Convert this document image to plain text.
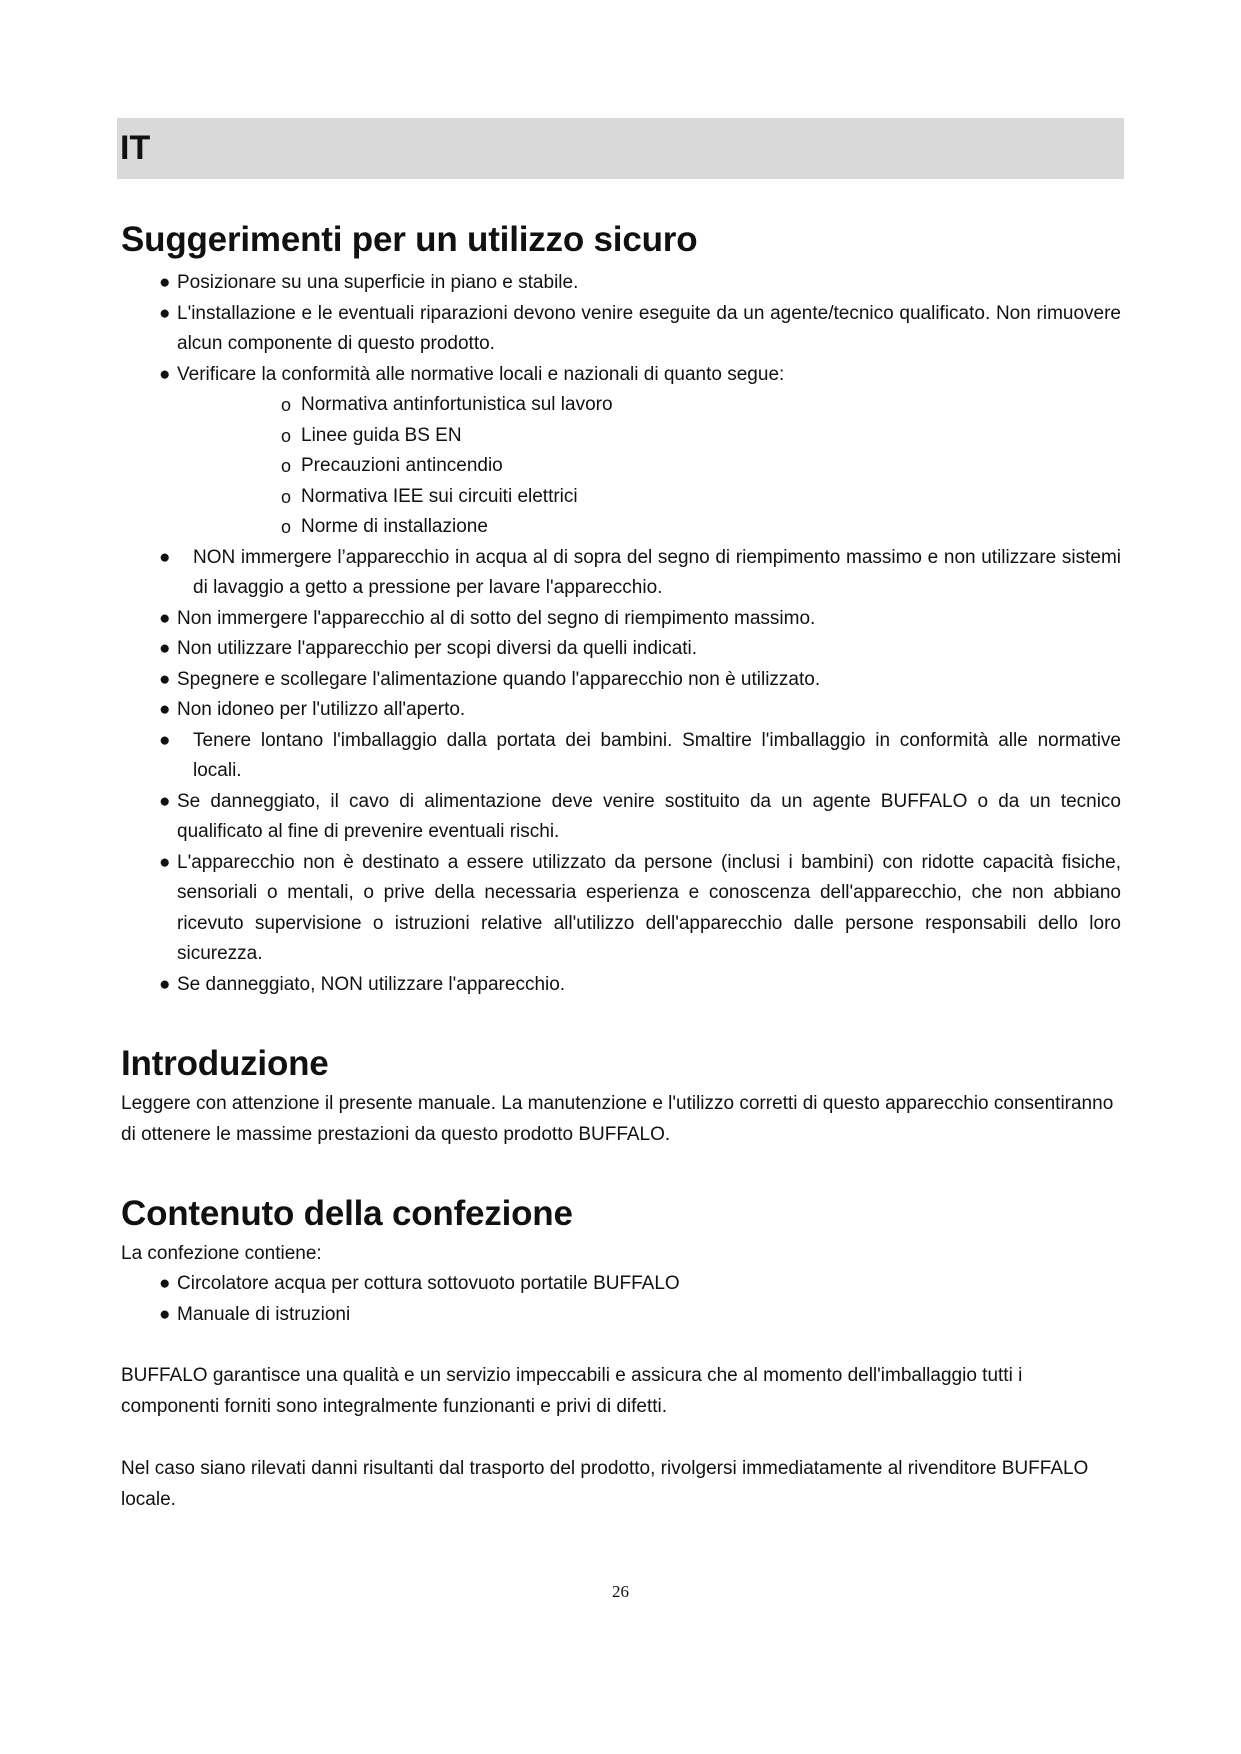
IT
Suggerimenti per un utilizzo sicuro
● Posizionare su una superficie in piano e stabile.
● L'installazione e le eventuali riparazioni devono venire eseguite da un agente/tecnico qualificato. Non rimuovere alcun componente di questo prodotto.
● Verificare la conformità alle normative locali e nazionali di quanto segue:
o Normativa antinfortunistica sul lavoro
o Linee guida BS EN
o Precauzioni antincendio
o Normativa IEE sui circuiti elettrici
o Norme di installazione
● NON immergere l’apparecchio in acqua al di sopra del segno di riempimento massimo e non utilizzare sistemi di lavaggio a getto a pressione per lavare l'apparecchio.
● Non immergere l'apparecchio al di sotto del segno di riempimento massimo.
● Non utilizzare l'apparecchio per scopi diversi da quelli indicati.
● Spegnere e scollegare l'alimentazione quando l'apparecchio non è utilizzato.
● Non idoneo per l'utilizzo all'aperto.
● Tenere lontano l'imballaggio dalla portata dei bambini. Smaltire l'imballaggio in conformità alle normative locali.
● Se danneggiato, il cavo di alimentazione deve venire sostituito da un agente BUFFALO o da un tecnico qualificato al fine di prevenire eventuali rischi.
● L'apparecchio non è destinato a essere utilizzato da persone (inclusi i bambini) con ridotte capacità fisiche, sensoriali o mentali, o prive della necessaria esperienza e conoscenza dell'apparecchio, che non abbiano ricevuto supervisione o istruzioni relative all'utilizzo dell'apparecchio dalle persone responsabili dello loro sicurezza.
● Se danneggiato, NON utilizzare l'apparecchio.
Introduzione

Leggere con attenzione il presente manuale. La manutenzione e l'utilizzo corretti di questo apparecchio consentiranno di ottenere le massime prestazioni da questo prodotto BUFFALO.

Contenuto della confezione

La confezione contiene:

● Circolatore acqua per cottura sottovuoto portatile BUFFALO
● Manuale di istruzioni

BUFFALO garantisce una qualità e un servizio impeccabili e assicura che al momento dell'imballaggio tutti i componenti forniti sono integralmente funzionanti e privi di difetti.

Nel caso siano rilevati danni risultanti dal trasporto del prodotto, rivolgersi immediatamente al rivenditore BUFFALO locale.

26
